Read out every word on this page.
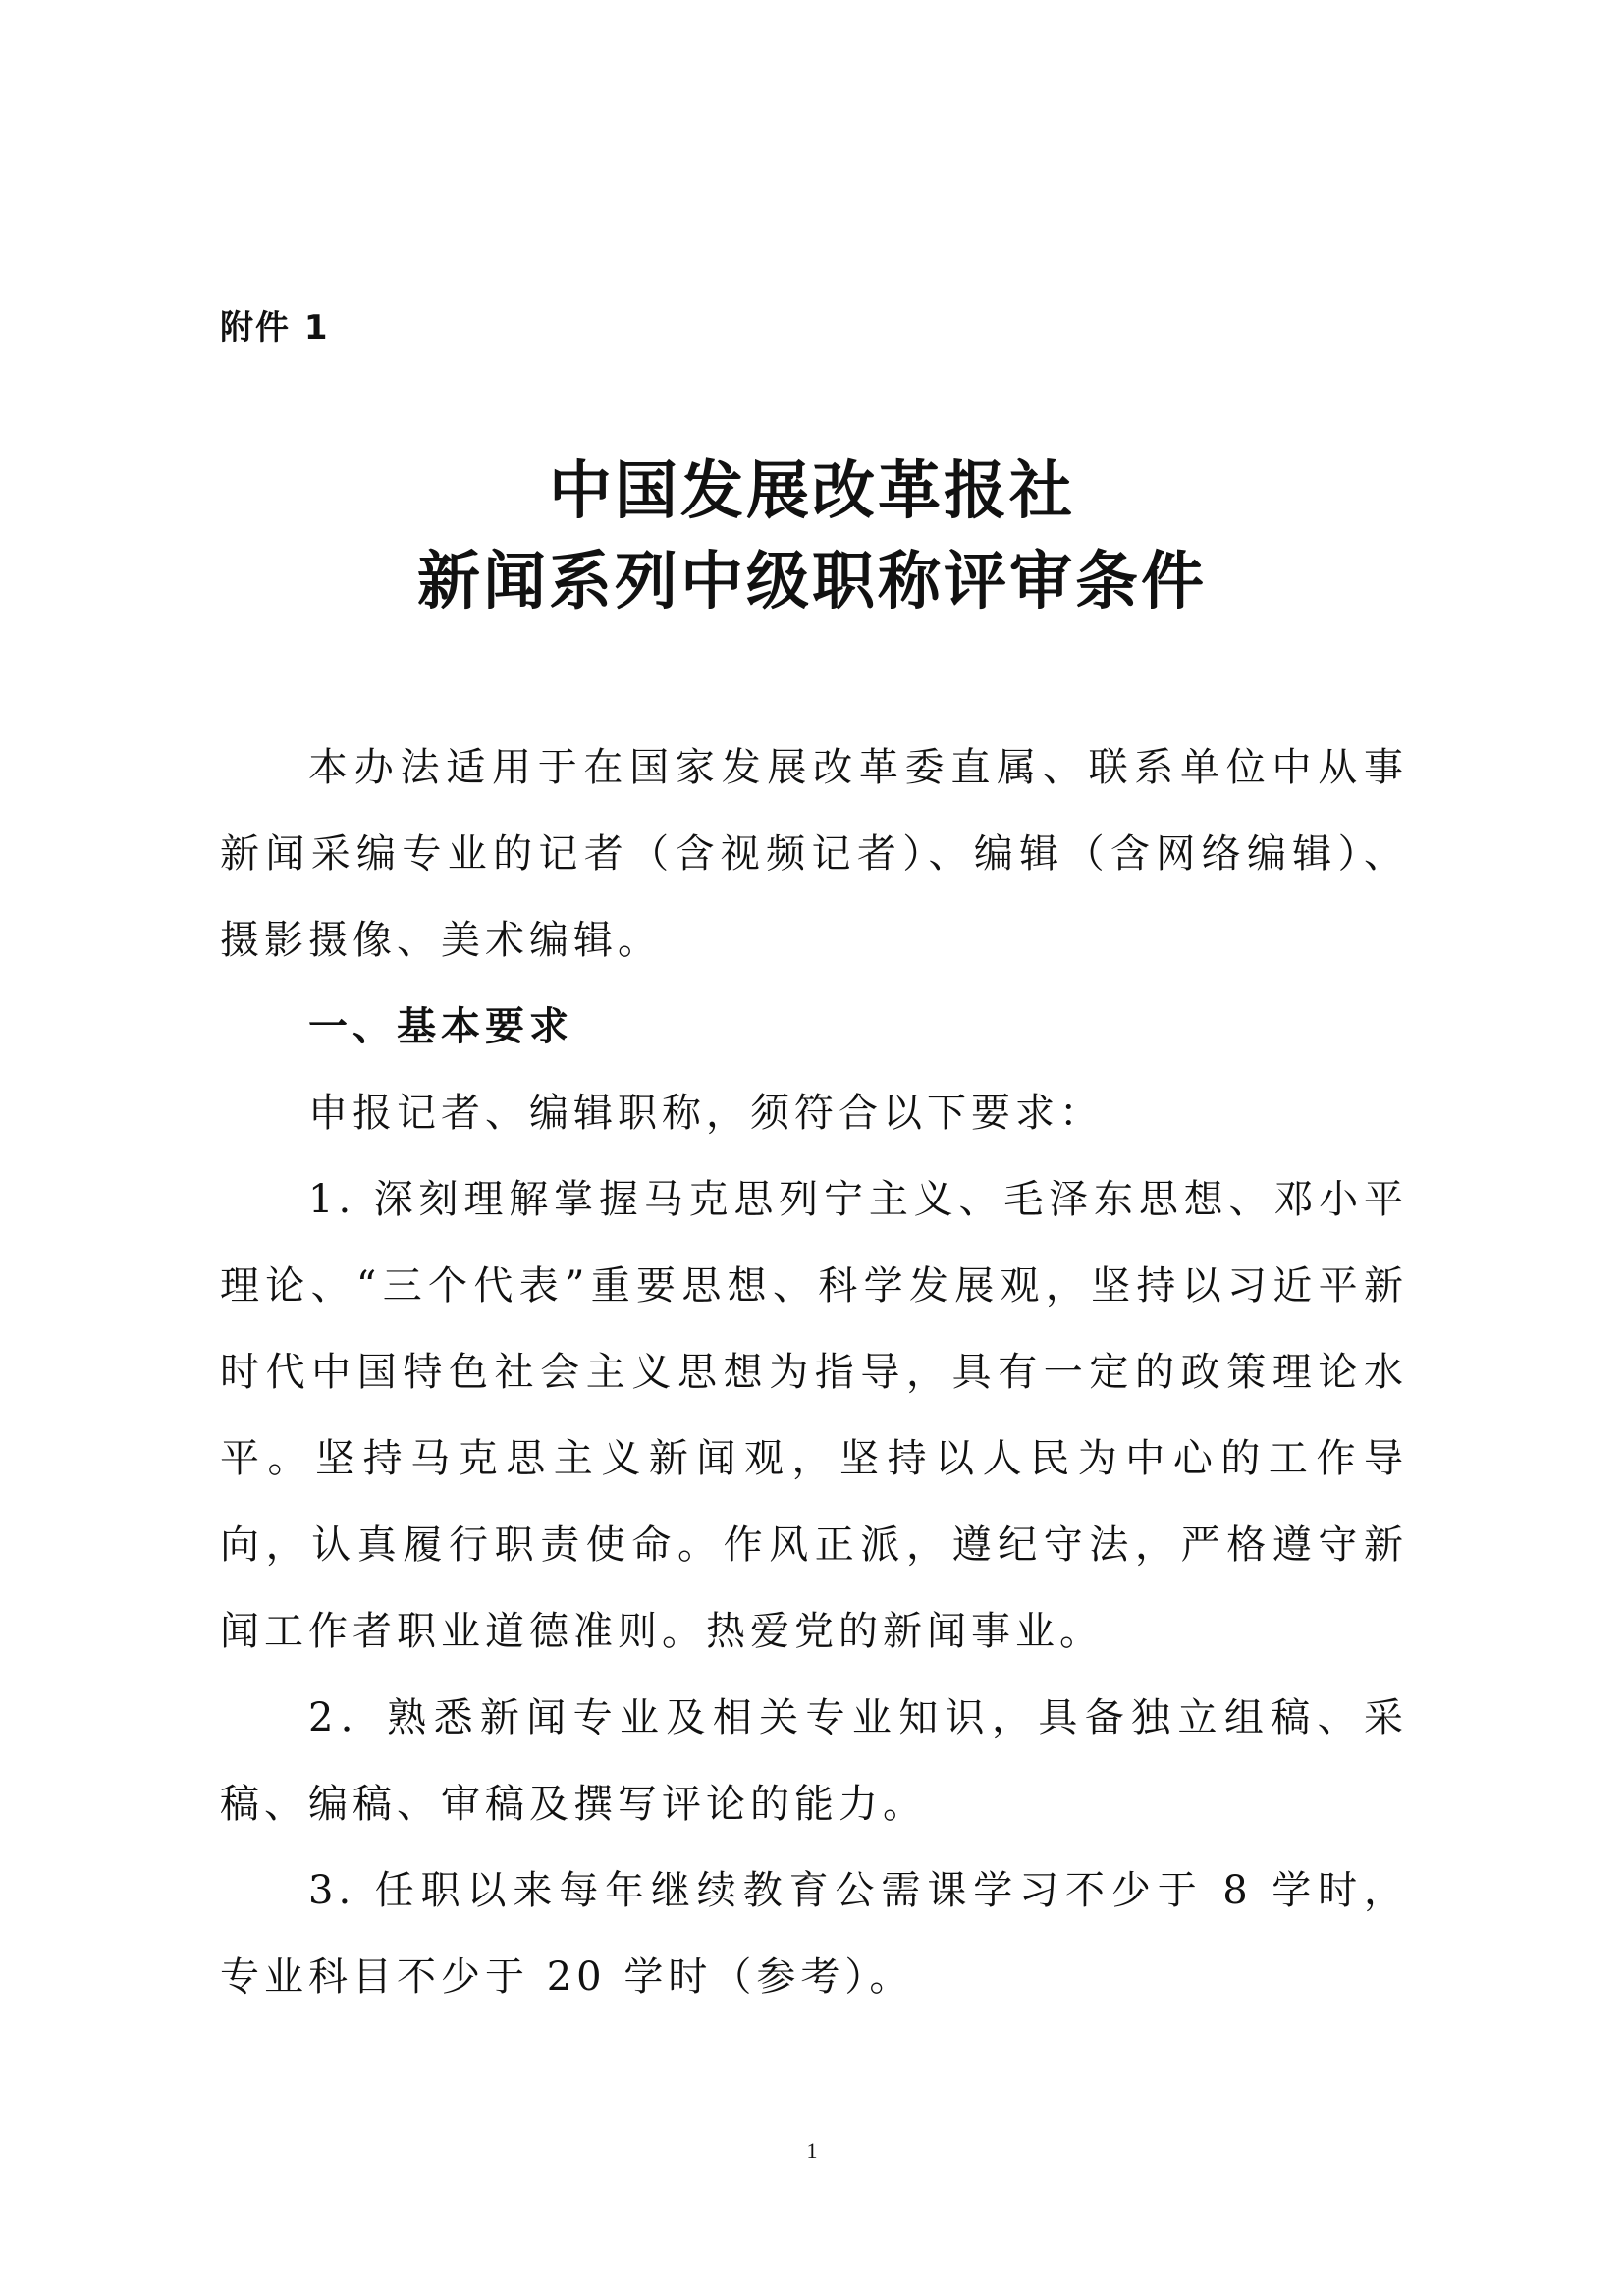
附件 1
中国发展改革报社
新闻系列中级职称评审条件

本办法适用于在国家发展改革委直属、联系单位中从事新闻采编专业的记者（含视频记者）、编辑（含网络编辑）、摄影摄像、美术编辑。

一、基本要求

申报记者、编辑职称，须符合以下要求：

1. 深刻理解掌握马克思列宁主义、毛泽东思想、邓小平理论、“三个代表”重要思想、科学发展观，坚持以习近平新时代中国特色社会主义思想为指导，具有一定的政策理论水平。坚持马克思主义新闻观，坚持以人民为中心的工作导向，认真履行职责使命。作风正派，遵纪守法，严格遵守新闻工作者职业道德准则。热爱党的新闻事业。

2．熟悉新闻专业及相关专业知识，具备独立组稿、采稿、编稿、审稿及撰写评论的能力。

3. 任职以来每年继续教育公需课学习不少于 8 学时，专业科目不少于 20 学时（参考）。

1
